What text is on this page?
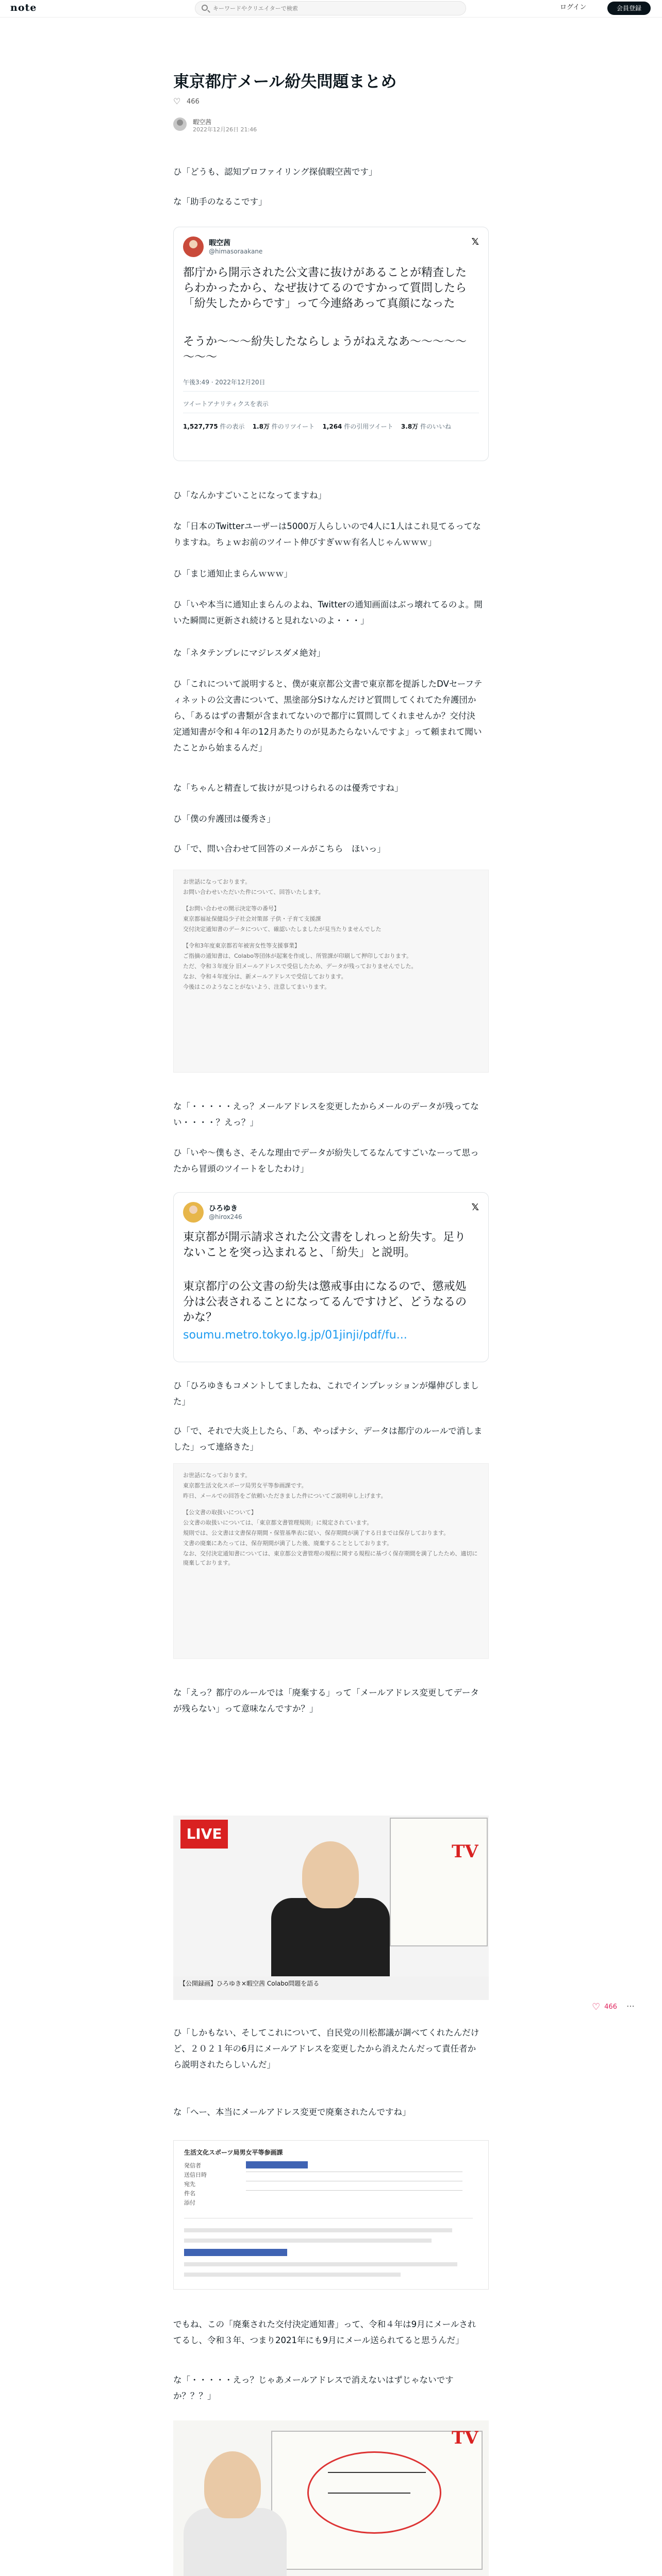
note
キーワードやクリエイターで検索	ログイン	会員登録
♡ 466 ⋯
東京都庁メール紛失問題まとめ
♡466
暇空茜
2022年12月26日 21:46
ひ「どうも、認知プロファイリング探偵暇空茜です」
な「助手のなるこです」
暇空茜
@himasoraakane
𝕏
都庁から開示された公文書に抜けがあることが精査したらわかったから、なぜ抜けてるのですかって質問したら「紛失したからです」って今連絡あって真顔になった
そうか～～～紛失したならしょうがねえなあ～～～～～～～～
午後3:49 · 2022年12月20日
ツイートアナリティクスを表示
1,527,775 件の表示 1.8万 件のリツイート 1,264 件の引用ツイート 3.8万 件のいいね
ひ「なんかすごいことになってますね」
な「日本のTwitterユーザーは5000万人らしいので4人に1人はこれ見てるってなりますね。ちょｗお前のツイート伸びすぎｗｗ有名人じゃんｗｗｗ」
ひ「まじ通知止まらんｗｗｗ」
ひ「いや本当に通知止まらんのよね、Twitterの通知画面はぶっ壊れてるのよ。開いた瞬間に更新され続けると見れないのよ・・・」
な「ネタテンプレにマジレスダメ絶対」
ひ「これについて説明すると、僕が東京都公文書で東京都を提訴したDVセーフティネットの公文書について、黒塗部分Sけなんだけど質問してくれてた弁護団から、「あるはずの書類が含まれてないので都庁に質問してくれませんか？交付決定通知書が令和４年の12月あたりのが見あたらないんですよ」って頼まれて聞いたことから始まるんだ」
な「ちゃんと精査して抜けが見つけられるのは優秀ですね」
ひ「僕の弁護団は優秀さ」
ひ「で、問い合わせて回答のメールがこちら　ほいっ」

お世話になっております。

お問い合わせいただいた件について、回答いたします。

【お問い合わせの開示決定等の番号】

東京都福祉保健局少子社会対策部 子供・子育て支援課

交付決定通知書のデータについて、確認いたしましたが見当たりませんでした

【令和3年度東京都若年被害女性等支援事業】

ご指摘の通知書は、Colabo等団体が起案を作成し、所管課が印刷して押印しております。

ただ、令和３年度分 旧メールアドレスで受信したため、データが残っておりませんでした。

なお、令和４年度分は、新メールアドレスで受信しております。

今後はこのようなことがないよう、注意してまいります。

な「・・・・・えっ？メールアドレスを変更したからメールのデータが残ってない・・・・？えっ？」
ひ「いや〜僕もさ、そんな理由でデータが紛失してるなんてすごいなーって思ったから冒頭のツイートをしたわけ」
ひろゆき
@hirox246
𝕏
東京都が開示請求された公文書をしれっと紛失す。足りないことを突っ込まれると、「紛失」と説明。
東京都庁の公文書の紛失は懲戒事由になるので、懲戒処分は公表されることになってるんですけど、どうなるのかな？
soumu.metro.tokyo.lg.jp/01jinji/pdf/fu...
ひ「ひろゆきもコメントしてましたね、これでインプレッションが爆伸びしました」
ひ「で、それで大炎上したら、「あ、やっぱナシ、データは都庁のルールで消しました」って連絡きた」

お世話になっております。

東京都生活文化スポーツ局男女平等参画課です。

昨日、メールでの回答をご依頼いただきました件についてご説明申し上げます。

【公文書の取扱いについて】

公文書の取扱いについては、「東京都文書管理規則」に規定されています。

規則では、公文書は文書保存期間・保管基準表に従い、保存期間が満了する日までは保存しております。

文書の廃棄にあたっては、保存期間が満了した後、廃棄することとしております。

なお、交付決定通知書については、東京都公文書管理の規程に関する規程に基づく保存期間を満了したため、適切に廃棄しております。

な「えっ？都庁のルールでは「廃棄する」って「メールアドレス変更してデータが残らない」って意味なんですか？」
TV
LIVE
【公開録画】ひろゆき×暇空茜 Colabo問題を語る
ひ「しかもない、そしてこれについて、自民党の川松都議が調べてくれたんだけど、２０２１年の6月にメールアドレスを変更したから消えたんだって責任者から説明されたらしいんだ」
な「へー、本当にメールアドレス変更で廃棄されたんですね」
生活文化スポーツ局男女平等参画課
発信者
送信日時
宛先
件名
添付
でもね、この「廃棄された交付決定通知書」って、令和４年は9月にメールされてるし、令和３年、つまり2021年にも9月にメール送られてると思うんだ」
な「・・・・・えっ？じゃあメールアドレスで消えないはずじゃないですか？？？」
TV
